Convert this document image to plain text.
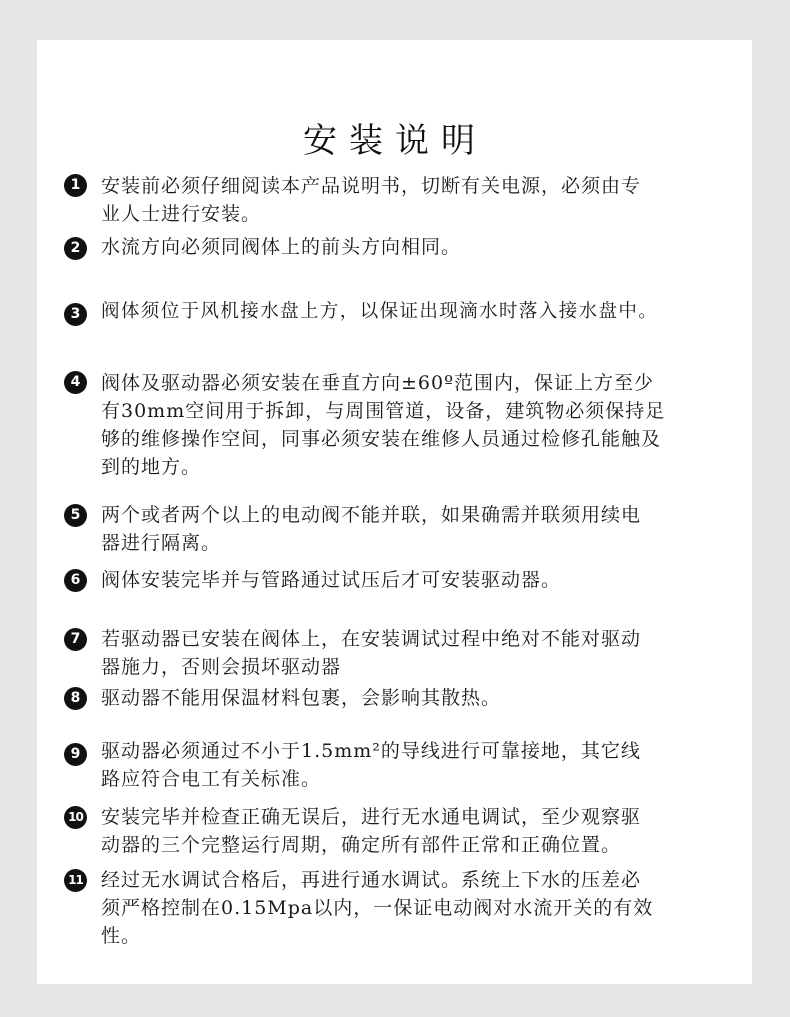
安装说明
1	安装前必须仔细阅读本产品说明书，切断有关电源，必须由专
业人士进行安装。
2	水流方向必须同阀体上的前头方向相同。
3	阀体须位于风机接水盘上方，以保证出现滴水时落入接水盘中。
4	阀体及驱动器必须安装在垂直方向±60º范围内，保证上方至少
有30mm空间用于拆卸，与周围管道，设备，建筑物必须保持足
够的维修操作空间，同事必须安装在维修人员通过检修孔能触及
到的地方。
5	两个或者两个以上的电动阀不能并联，如果确需并联须用续电
器进行隔离。
6	阀体安装完毕并与管路通过试压后才可安装驱动器。
7	若驱动器已安装在阀体上，在安装调试过程中绝对不能对驱动
器施力，否则会损坏驱动器
8	驱动器不能用保温材料包裹，会影响其散热。
9	驱动器必须通过不小于1.5mm²的导线进行可靠接地，其它线
路应符合电工有关标准。
10 安装完毕并检查正确无误后，进行无水通电调试，至少观察驱
动器的三个完整运行周期，确定所有部件正常和正确位置。
11 经过无水调试合格后，再进行通水调试。系统上下水的压差必
须严格控制在0.15Mpa以内，一保证电动阀对水流开关的有效
性。
